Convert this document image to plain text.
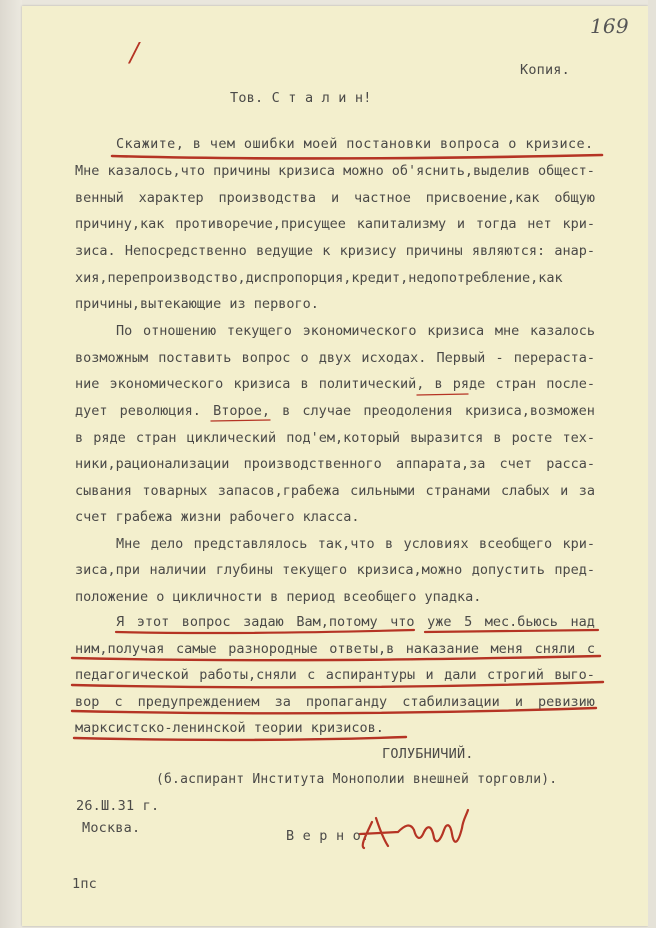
/
169
Копия.
Тов. С т а л и н!
Скажите, в чем ошибки моей постановки вопроса о кризисе.
Мне казалось,что причины кризиса можно об'яснить,выделив общест-
венный характер производства и частное присвоение,как общую
причину,как противоречие,присущее капитализму и тогда нет кри-
зиса. Непосредственно ведущие к кризису причины являются: анар-
хия,перепроизводство,диспропорция,кредит,недопотребление,как
причины,вытекающие из первого.
По отношению текущего экономического кризиса мне казалось
возможным поставить вопрос о двух исходах. Первый - перераста-
ние экономического кризиса в политический, в ряде стран после-
дует революция. Второе, в случае преодоления кризиса,возможен
в ряде стран циклический под'ем,который выразится в росте тех-
ники,рационализации производственного аппарата,за счет расса-
сывания товарных запасов,грабежа сильными странами слабых и за
счет грабежа жизни рабочего класса.
Мне дело представлялось так,что в условиях всеобщего кри-
зиса,при наличии глубины текущего кризиса,можно допустить пред-
положение о цикличности в период всеобщего упадка.
Я этот вопрос задаю Вам,потому что уже 5 мес.бьюсь над
ним,получая самые разнородные ответы,в наказание меня сняли с
педагогической работы,сняли с аспирантуры и дали строгий выго-
вор с предупреждением за пропаганду стабилизации и ревизию
марксистско-ленинской теории кризисов.
ГОЛУБНИЧИЙ.
(б.аспирант Института Монополии внешней торговли).
26.Ш.31 г.
Москва.	В е р н о:
1пс
